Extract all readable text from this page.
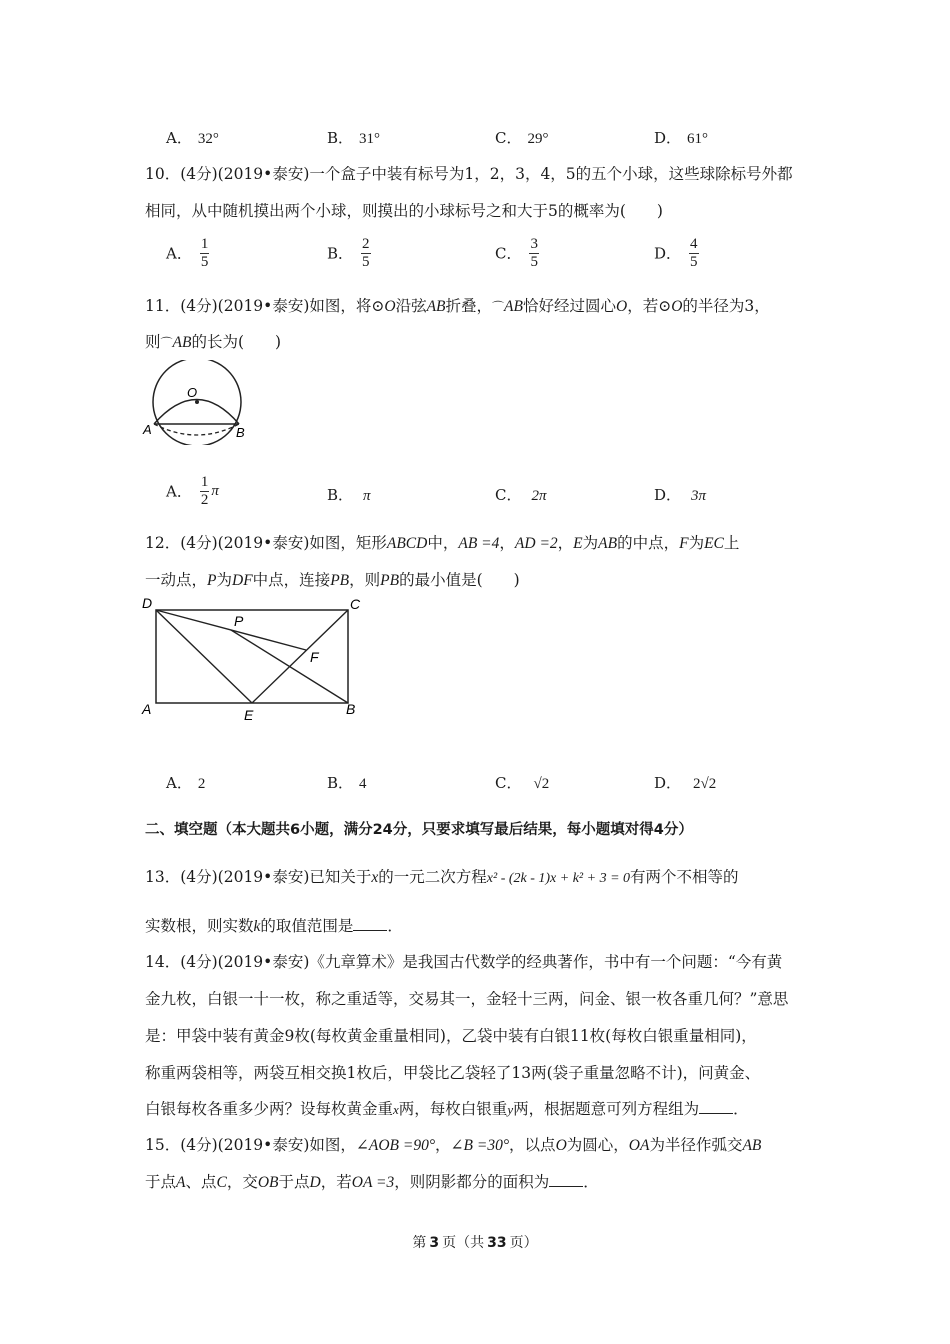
A． 32°	B． 31°	C． 29°	D． 61°
10．(4分)(2019•泰安)一个盒子中装有标号为1，2，3，4，5的五个小球，这些球除标号外都
相同，从中随机摸出两个小球，则摸出的小球标号之和大于5的概率为(　　)
A． $\frac{1}{5}$	B． $\frac{2}{5}$	C． $\frac{3}{5}$	D． $\frac{4}{5}$
11．(4分)(2019•泰安)如图，将⊙O沿弦AB折叠，⌒AB恰好经过圆心O，若⊙O的半径为3，
则⌒AB的长为(　　)
O
A	B
A． $\frac{1}{2}$ π	B． π	C． 2π	D． 3π
12．(4分)(2019•泰安)如图，矩形ABCD中，AB =4，AD =2，E为AB的中点，F为EC上
一动点，P为DF中点，连接PB，则PB的最小值是(　　)
D	C
P
F
A	E	B
A． 2	B． 4	C． √2	D． 2√2
二、填空题（本大题共6小题，满分24分，只要求填写最后结果，每小题填对得4分）
13．(4分)(2019•泰安)已知关于x的一元二次方程x² - (2k - 1)x + k² + 3 = 0有两个不相等的
实数根，则实数k的取值范围是 ．
14．(4分)(2019•泰安)《九章算术》是我国古代数学的经典著作，书中有一个问题：“今有黄
金九枚，白银一十一枚，称之重适等，交易其一，金轻十三两，问金、银一枚各重几何？”意思
是：甲袋中装有黄金9枚(每枚黄金重量相同)，乙袋中装有白银11枚(每枚白银重量相同)，
称重两袋相等，两袋互相交换1枚后，甲袋比乙袋轻了13两(袋子重量忽略不计)，问黄金、
白银每枚各重多少两？设每枚黄金重x两，每枚白银重y两，根据题意可列方程组为 ．
15．(4分)(2019•泰安)如图，∠AOB =90°，∠B =30°，以点O为圆心，OA为半径作弧交AB
于点A、点C，交OB于点D，若OA =3，则阴影都分的面积为 ．
第 3 页（共 33 页）
